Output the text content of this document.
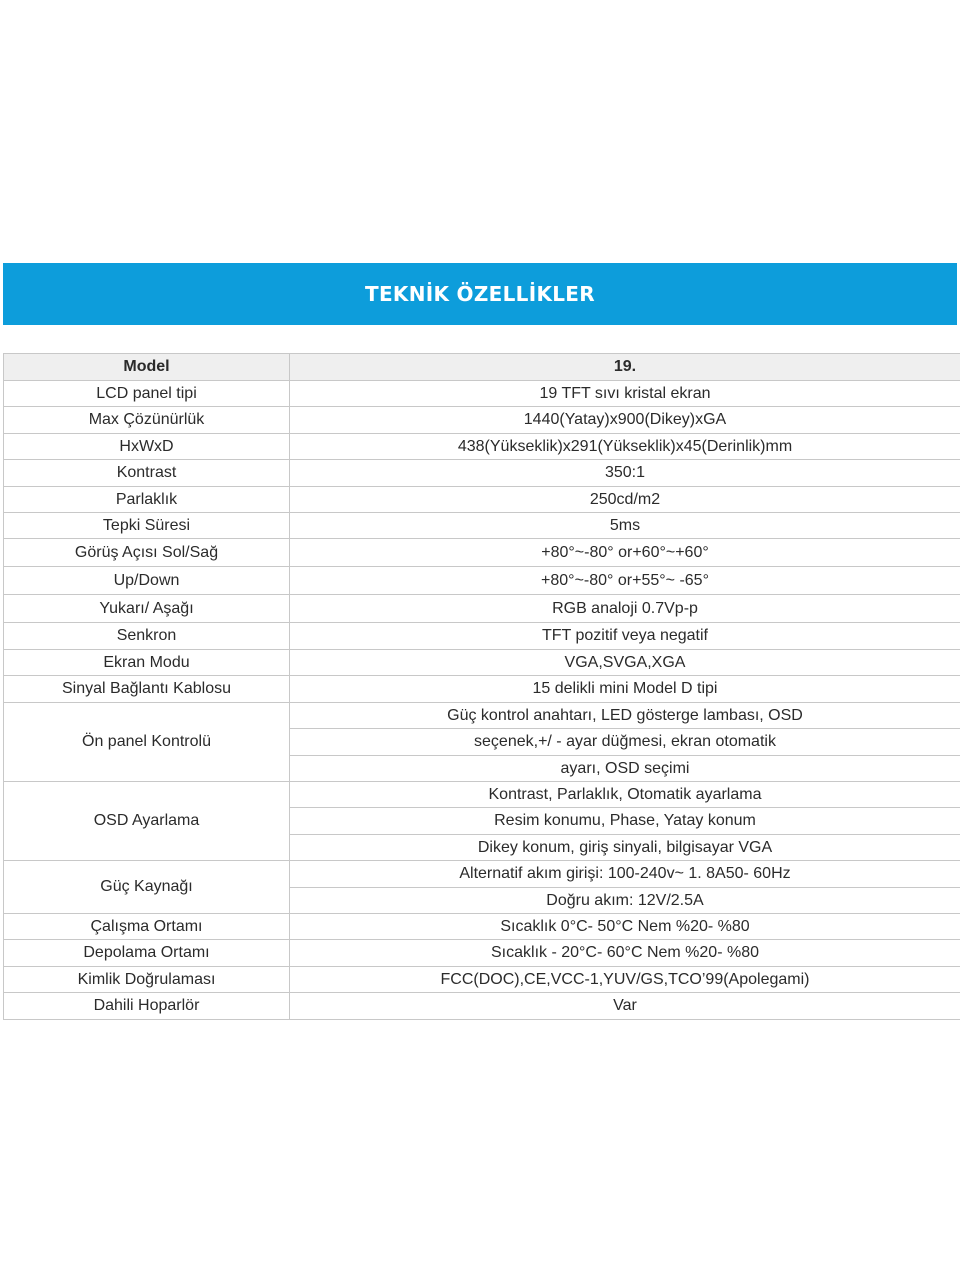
TEKNİK ÖZELLİKLER
Model	19.
LCD panel tipi	19 TFT sıvı kristal ekran
Max Çözünürlük	1440(Yatay)x900(Dikey)xGA
HxWxD	438(Yükseklik)x291(Yükseklik)x45(Derinlik)mm
Kontrast	350:1
Parlaklık	250cd/m2
Tepki Süresi	5ms
Görüş Açısı Sol/Sağ	+80°~-80° or+60°~+60°
Up/Down	+80°~-80° or+55°~ -65°
Yukarı/ Aşağı	RGB analoji 0.7Vp-p
Senkron	TFT pozitif veya negatif
Ekran Modu	VGA,SVGA,XGA
Sinyal Bağlantı Kablosu	15 delikli mini Model D tipi
Ön panel Kontrolü	Güç kontrol anahtarı, LED gösterge lambası, OSD
	seçenek,+/ - ayar düğmesi, ekran otomatik
	ayarı, OSD seçimi
OSD Ayarlama	Kontrast, Parlaklık, Otomatik ayarlama
	Resim konumu, Phase, Yatay konum
	Dikey konum, giriş sinyali, bilgisayar VGA
Güç Kaynağı	Alternatif akım girişi: 100-240v~ 1. 8A50- 60Hz
	Doğru akım: 12V/2.5A
Çalışma Ortamı	Sıcaklık 0°C- 50°C Nem %20- %80
Depolama Ortamı	Sıcaklık - 20°C- 60°C Nem %20- %80
Kimlik Doğrulaması	FCC(DOC),CE,VCC-1,YUV/GS,TCO’99(Apolegami)
Dahili Hoparlör	Var
